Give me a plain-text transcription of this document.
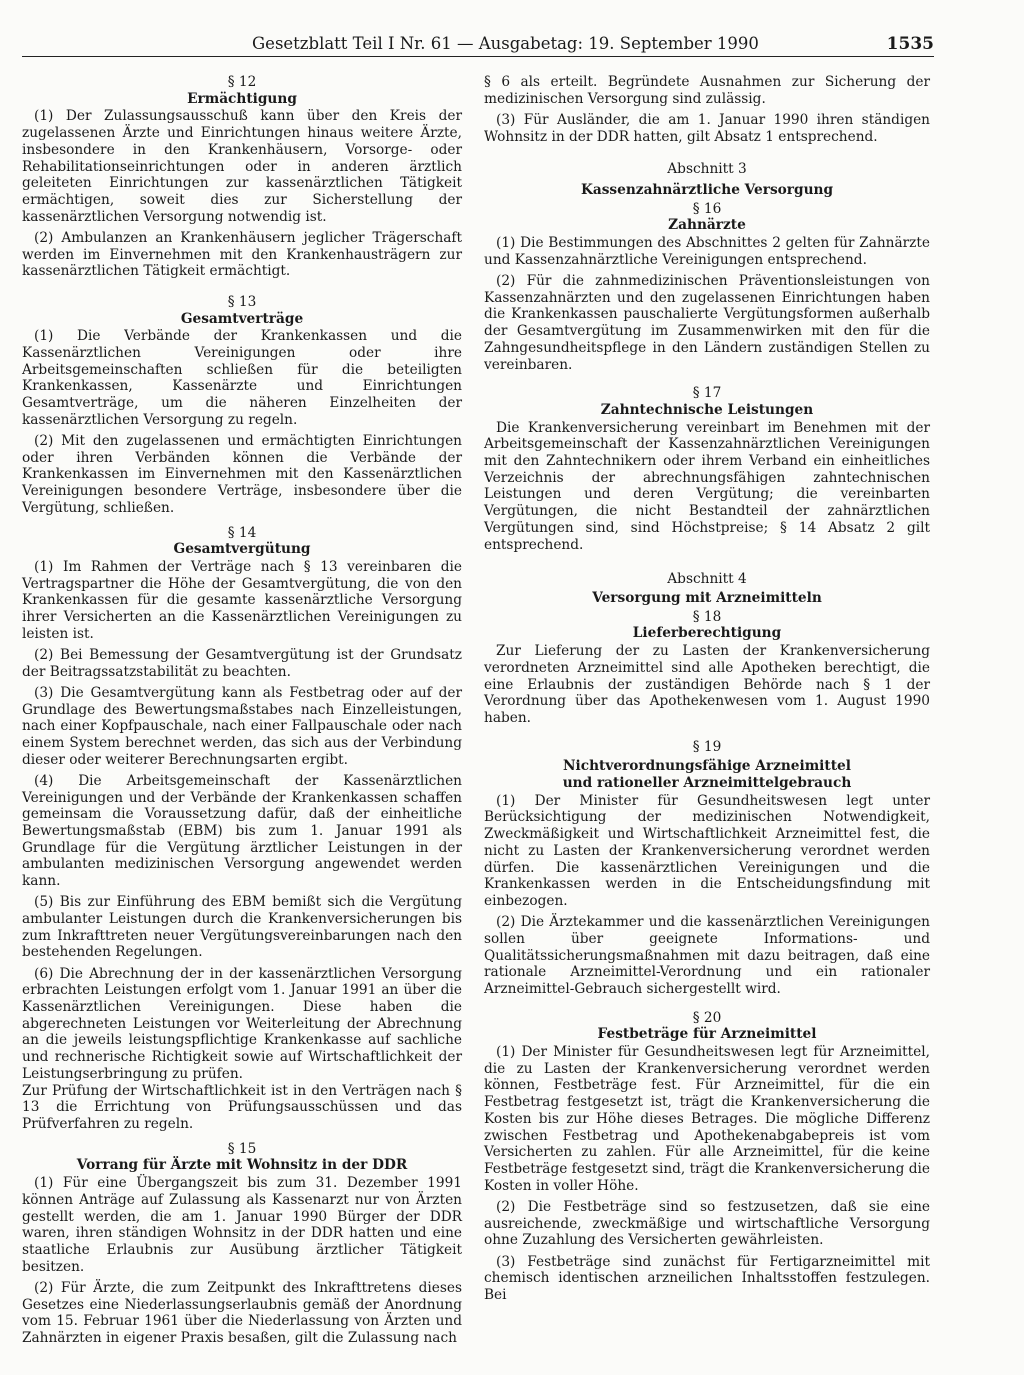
Gesetzblatt Teil I Nr. 61 — Ausgabetag: 19. September 1990	1535
§ 12
Ermächtigung

(1) Der Zulassungsausschuß kann über den Kreis der zugelassenen Ärzte und Einrichtungen hinaus weitere Ärzte, insbesondere in den Krankenhäusern, Vorsorge- oder Rehabilitationseinrichtungen oder in anderen ärztlich geleiteten Einrichtungen zur kassenärztlichen Tätigkeit ermächtigen, soweit dies zur Sicherstellung der kassenärztlichen Versorgung notwendig ist.

(2) Ambulanzen an Krankenhäusern jeglicher Trägerschaft werden im Einvernehmen mit den Krankenhausträgern zur kassenärztlichen Tätigkeit ermächtigt.

§ 13
Gesamtverträge

(1) Die Verbände der Krankenkassen und die Kassenärztlichen Vereinigungen oder ihre Arbeitsgemeinschaften schließen für die beteiligten Krankenkassen, Kassenärzte und Einrichtungen Gesamtverträge, um die näheren Einzelheiten der kassenärztlichen Versorgung zu regeln.

(2) Mit den zugelassenen und ermächtigten Einrichtungen oder ihren Verbänden können die Verbände der Krankenkassen im Einvernehmen mit den Kassenärztlichen Vereinigungen besondere Verträge, insbesondere über die Vergütung, schließen.

§ 14
Gesamtvergütung

(1) Im Rahmen der Verträge nach § 13 vereinbaren die Vertragspartner die Höhe der Gesamtvergütung, die von den Krankenkassen für die gesamte kassenärztliche Versorgung ihrer Versicherten an die Kassenärztlichen Vereinigungen zu leisten ist.

(2) Bei Bemessung der Gesamtvergütung ist der Grundsatz der Beitragssatzstabilität zu beachten.

(3) Die Gesamtvergütung kann als Festbetrag oder auf der Grundlage des Bewertungsmaßstabes nach Einzelleistungen, nach einer Kopfpauschale, nach einer Fallpauschale oder nach einem System berechnet werden, das sich aus der Verbindung dieser oder weiterer Berechnungsarten ergibt.

(4) Die Arbeitsgemeinschaft der Kassenärztlichen Vereinigungen und der Verbände der Krankenkassen schaffen gemeinsam die Voraussetzung dafür, daß der einheitliche Bewertungsmaßstab (EBM) bis zum 1. Januar 1991 als Grundlage für die Vergütung ärztlicher Leistungen in der ambulanten medizinischen Versorgung angewendet werden kann.

(5) Bis zur Einführung des EBM bemißt sich die Vergütung ambulanter Leistungen durch die Krankenversicherungen bis zum Inkrafttreten neuer Vergütungsvereinbarungen nach den bestehenden Regelungen.

(6) Die Abrechnung der in der kassenärztlichen Versorgung erbrachten Leistungen erfolgt vom 1. Januar 1991 an über die Kassenärztlichen Vereinigungen. Diese haben die abgerechneten Leistungen vor Weiterleitung der Abrechnung an die jeweils leistungspflichtige Krankenkasse auf sachliche und rechnerische Richtigkeit sowie auf Wirtschaftlichkeit der Leistungserbringung zu prüfen.

Zur Prüfung der Wirtschaftlichkeit ist in den Verträgen nach § 13 die Errichtung von Prüfungsausschüssen und das Prüfverfahren zu regeln.

§ 15
Vorrang für Ärzte mit Wohnsitz in der DDR

(1) Für eine Übergangszeit bis zum 31. Dezember 1991 können Anträge auf Zulassung als Kassenarzt nur von Ärzten gestellt werden, die am 1. Januar 1990 Bürger der DDR waren, ihren ständigen Wohnsitz in der DDR hatten und eine staatliche Erlaubnis zur Ausübung ärztlicher Tätigkeit besitzen.

(2) Für Ärzte, die zum Zeitpunkt des Inkrafttretens dieses Gesetzes eine Niederlassungserlaubnis gemäß der Anordnung vom 15. Februar 1961 über die Niederlassung von Ärzten und Zahnärzten in eigener Praxis besaßen, gilt die Zulassung nach

§ 6 als erteilt. Begründete Ausnahmen zur Sicherung der medizinischen Versorgung sind zulässig.

(3) Für Ausländer, die am 1. Januar 1990 ihren ständigen Wohnsitz in der DDR hatten, gilt Absatz 1 entsprechend.

Abschnitt 3
Kassenzahnärztliche Versorgung
§ 16
Zahnärzte

(1) Die Bestimmungen des Abschnittes 2 gelten für Zahnärzte und Kassenzahnärztliche Vereinigungen entsprechend.

(2) Für die zahnmedizinischen Präventionsleistungen von Kassenzahnärzten und den zugelassenen Einrichtungen haben die Krankenkassen pauschalierte Vergütungsformen außerhalb der Gesamtvergütung im Zusammenwirken mit den für die Zahngesundheitspflege in den Ländern zuständigen Stellen zu vereinbaren.

§ 17
Zahntechnische Leistungen

Die Krankenversicherung vereinbart im Benehmen mit der Arbeitsgemeinschaft der Kassenzahnärztlichen Vereinigungen mit den Zahntechnikern oder ihrem Verband ein einheitliches Verzeichnis der abrechnungsfähigen zahntechnischen Leistungen und deren Vergütung; die vereinbarten Vergütungen, die nicht Bestandteil der zahnärztlichen Vergütungen sind, sind Höchstpreise; § 14 Absatz 2 gilt entsprechend.

Abschnitt 4
Versorgung mit Arzneimitteln
§ 18
Lieferberechtigung

Zur Lieferung der zu Lasten der Krankenversicherung verordneten Arzneimittel sind alle Apotheken berechtigt, die eine Erlaubnis der zuständigen Behörde nach § 1 der Verordnung über das Apothekenwesen vom 1. August 1990 haben.

§ 19
Nichtverordnungsfähige Arzneimittel
und rationeller Arzneimittelgebrauch

(1) Der Minister für Gesundheitswesen legt unter Berücksichtigung der medizinischen Notwendigkeit, Zweckmäßigkeit und Wirtschaftlichkeit Arzneimittel fest, die nicht zu Lasten der Krankenversicherung verordnet werden dürfen. Die kassenärztlichen Vereinigungen und die Krankenkassen werden in die Entscheidungsfindung mit einbezogen.

(2) Die Ärztekammer und die kassenärztlichen Vereinigungen sollen über geeignete Informations- und Qualitätssicherungsmaßnahmen mit dazu beitragen, daß eine rationale Arzneimittel-Verordnung und ein rationaler Arzneimittel-Gebrauch sichergestellt wird.

§ 20
Festbeträge für Arzneimittel

(1) Der Minister für Gesundheitswesen legt für Arzneimittel, die zu Lasten der Krankenversicherung verordnet werden können, Festbeträge fest. Für Arzneimittel, für die ein Festbetrag festgesetzt ist, trägt die Krankenversicherung die Kosten bis zur Höhe dieses Betrages. Die mögliche Differenz zwischen Festbetrag und Apothekenabgabepreis ist vom Versicherten zu zahlen. Für alle Arzneimittel, für die keine Festbeträge festgesetzt sind, trägt die Krankenversicherung die Kosten in voller Höhe.

(2) Die Festbeträge sind so festzusetzen, daß sie eine ausreichende, zweckmäßige und wirtschaftliche Versorgung ohne Zuzahlung des Versicherten gewährleisten.

(3) Festbeträge sind zunächst für Fertigarzneimittel mit chemisch identischen arzneilichen Inhaltsstoffen festzulegen. Bei
